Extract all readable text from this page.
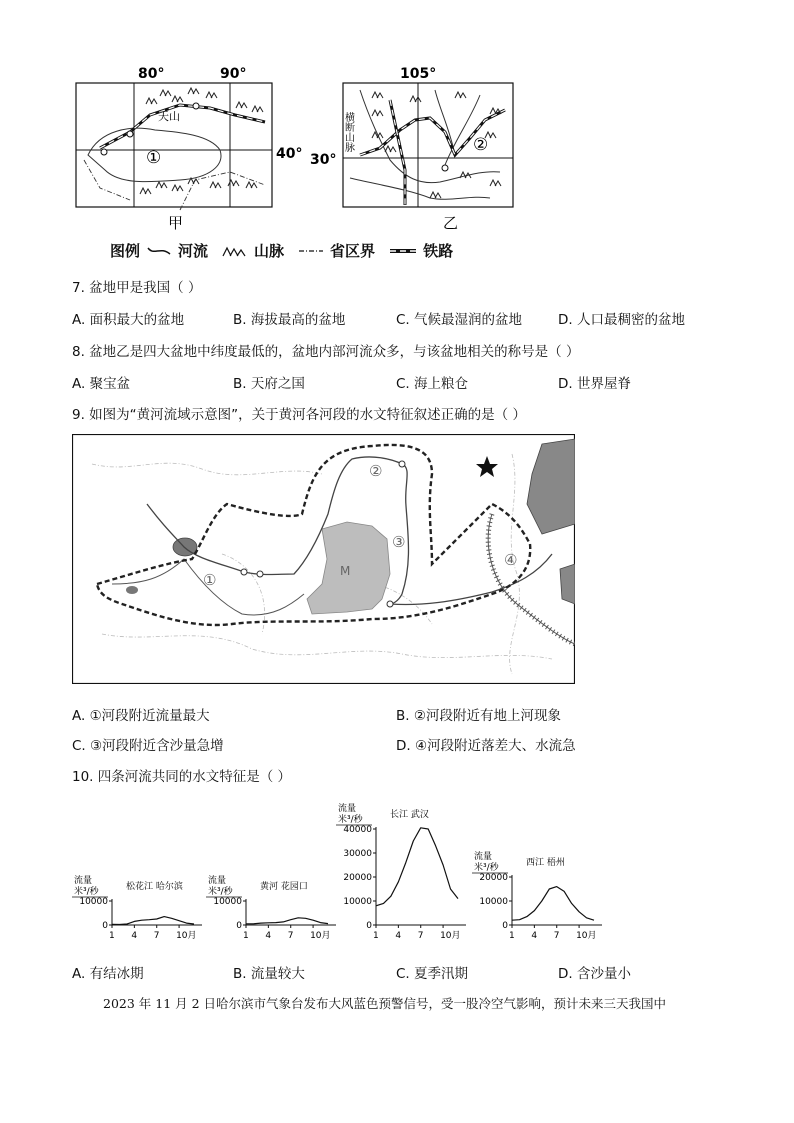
天山
①
80°	90°
40°
甲
横断山脉	②
105°
30°
乙
图例	河流	山脉	省区界	铁路
7. 盆地甲是我国（ ）
A. 面积最大的盆地	B. 海拔最高的盆地	C. 气候最湿润的盆地	D. 人口最稠密的盆地
8. 盆地乙是四大盆地中纬度最低的，盆地内部河流众多，与该盆地相关的称号是（ ）
A. 聚宝盆	B. 天府之国	C. 海上粮仓	D. 世界屋脊
9. 如图为“黄河流域示意图”，关于黄河各河段的水文特征叙述正确的是（ ）
①
②
③
④
M
A. ①河段附近流量最大	B. ②河段附近有地上河现象
C. ③河段附近含沙量急增	D. ④河段附近落差大、水流急
10. 四条河流共同的水文特征是（ ）
流量
米³/秒	松花江 哈尔滨
0
10000
1 4 7 10月
流量
米³/秒	黄河 花园口
0
10000
1 4 7 10月
流量
米³/秒	长江 武汉
0
10000
20000
30000
40000
1 4 7 10月
流量
米³/秒	西江 梧州
0
10000
20000
1 4 7 10月
A. 有结冰期	B. 流量较大	C. 夏季汛期	D. 含沙量小
2023 年 11 月 2 日哈尔滨市气象台发布大风蓝色预警信号，受一股冷空气影响，预计未来三天我国中
